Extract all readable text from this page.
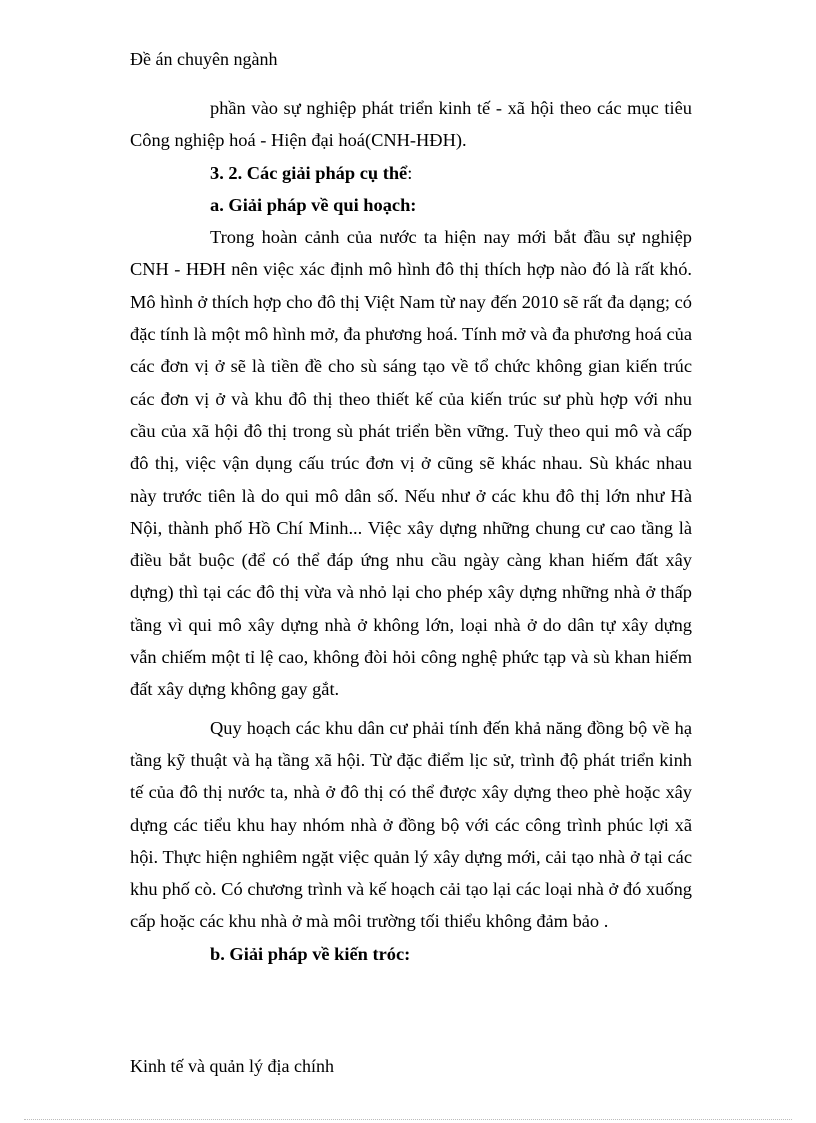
Đề án chuyên ngành

phần vào sự nghiệp phát triển kinh tế - xã hội theo các mục tiêu Công nghiệp hoá - Hiện đại hoá(CNH-HĐH).

3. 2. Các giải pháp cụ thể:

a. Giải pháp về qui hoạch:

Trong hoàn cảnh của nước ta hiện nay mới bắt đầu sự nghiệp CNH - HĐH nên việc xác định mô hình đô thị thích hợp nào đó là rất khó. Mô hình ở thích hợp cho đô thị Việt Nam từ nay đến 2010 sẽ rất đa dạng; có đặc tính là một mô hình mở, đa phương hoá. Tính mở và đa phương hoá của các đơn vị ở sẽ là tiền đề cho sù sáng tạo về tổ chức không gian kiến trúc các đơn vị ở và khu đô thị theo thiết kế của kiến trúc sư phù hợp với nhu cầu của xã hội đô thị trong sù phát triển bền vững. Tuỳ theo qui mô và cấp đô thị, việc vận dụng cấu trúc đơn vị ở cũng sẽ khác nhau. Sù khác nhau này trước tiên là do qui mô dân số. Nếu như ở các khu đô thị lớn như Hà Nội, thành phố Hồ Chí Minh... Việc xây dựng những chung cư cao tầng là điều bắt buộc (để có thể đáp ứng nhu cầu ngày càng khan hiếm đất xây dựng) thì tại các đô thị vừa và nhỏ lại cho phép xây dựng những nhà ở thấp tầng vì qui mô xây dựng nhà ở không lớn, loại nhà ở do dân tự xây dựng vẫn chiếm một tỉ lệ cao, không đòi hỏi công nghệ phức tạp và sù khan hiếm đất xây dựng không gay gắt.

Quy hoạch các khu dân cư phải tính đến khả năng đồng bộ về hạ tầng kỹ thuật và hạ tầng xã hội. Từ đặc điểm lịc sử, trình độ phát triển kinh tế của đô thị nước ta, nhà ở đô thị có thể được xây dựng theo phè hoặc xây dựng các tiểu khu hay nhóm nhà ở đồng bộ với các công trình phúc lợi xã hội. Thực hiện nghiêm ngặt việc quản lý xây dựng mới, cải tạo nhà ở tại các khu phố cò. Có chương trình và kế hoạch cải tạo lại các loại nhà ở đó xuống cấp hoặc các khu nhà ở mà môi trường tối thiểu không đảm bảo .

b. Giải pháp về kiến tróc:

Kinh tế và quản lý địa chính
